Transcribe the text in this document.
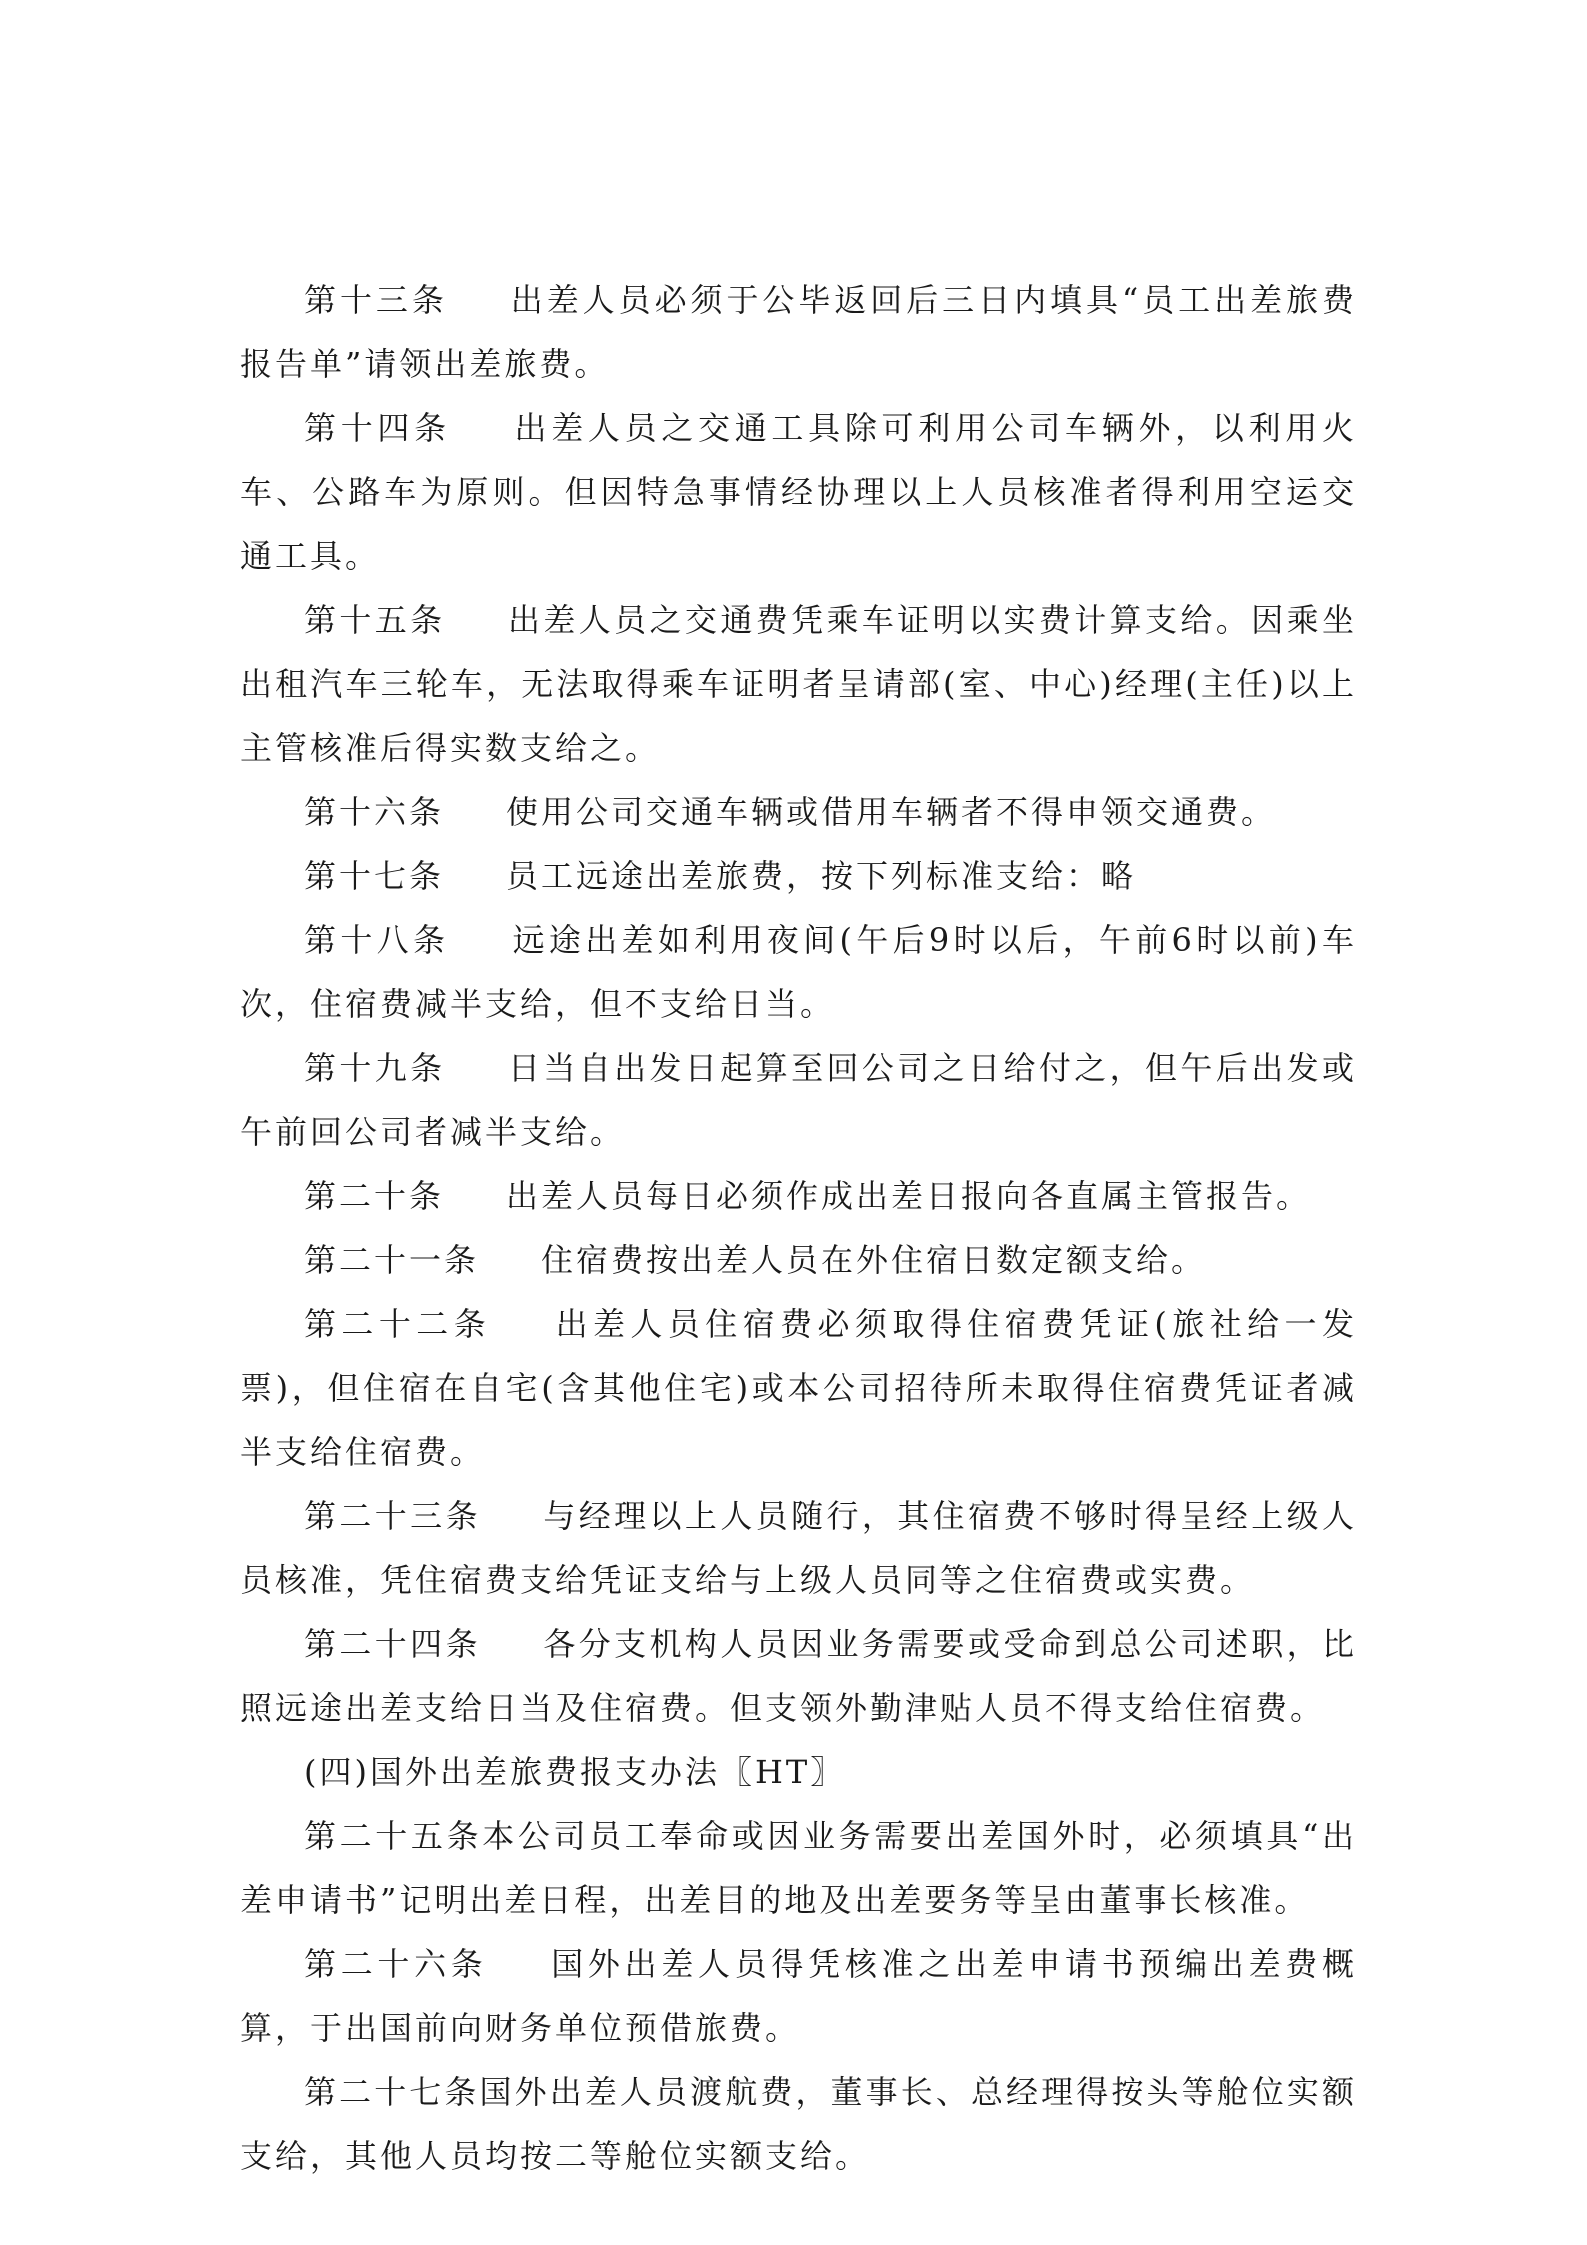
第十三条 出差人员必须于公毕返回后三日内填具“员工出差旅费报告单”请领出差旅费。

第十四条 出差人员之交通工具除可利用公司车辆外，以利用火车、公路车为原则。但因特急事情经协理以上人员核准者得利用空运交通工具。

第十五条 出差人员之交通费凭乘车证明以实费计算支给。因乘坐出租汽车三轮车，无法取得乘车证明者呈请部(室、中心)经理(主任)以上主管核准后得实数支给之。

第十六条 使用公司交通车辆或借用车辆者不得申领交通费。

第十七条 员工远途出差旅费，按下列标准支给：略

第十八条 远途出差如利用夜间(午后9时以后，午前6时以前)车次，住宿费减半支给，但不支给日当。

第十九条 日当自出发日起算至回公司之日给付之，但午后出发或午前回公司者减半支给。

第二十条 出差人员每日必须作成出差日报向各直属主管报告。

第二十一条 住宿费按出差人员在外住宿日数定额支给。

第二十二条 出差人员住宿费必须取得住宿费凭证(旅社给一发票)，但住宿在自宅(含其他住宅)或本公司招待所未取得住宿费凭证者减半支给住宿费。

第二十三条 与经理以上人员随行，其住宿费不够时得呈经上级人员核准，凭住宿费支给凭证支给与上级人员同等之住宿费或实费。

第二十四条 各分支机构人员因业务需要或受命到总公司述职，比照远途出差支给日当及住宿费。但支领外勤津贴人员不得支给住宿费。

(四)国外出差旅费报支办法〖HT〗

第二十五条本公司员工奉命或因业务需要出差国外时，必须填具“出差申请书”记明出差日程，出差目的地及出差要务等呈由董事长核准。

第二十六条 国外出差人员得凭核准之出差申请书预编出差费概算，于出国前向财务单位预借旅费。

第二十七条国外出差人员渡航费，董事长、总经理得按头等舱位实额支给，其他人员均按二等舱位实额支给。
